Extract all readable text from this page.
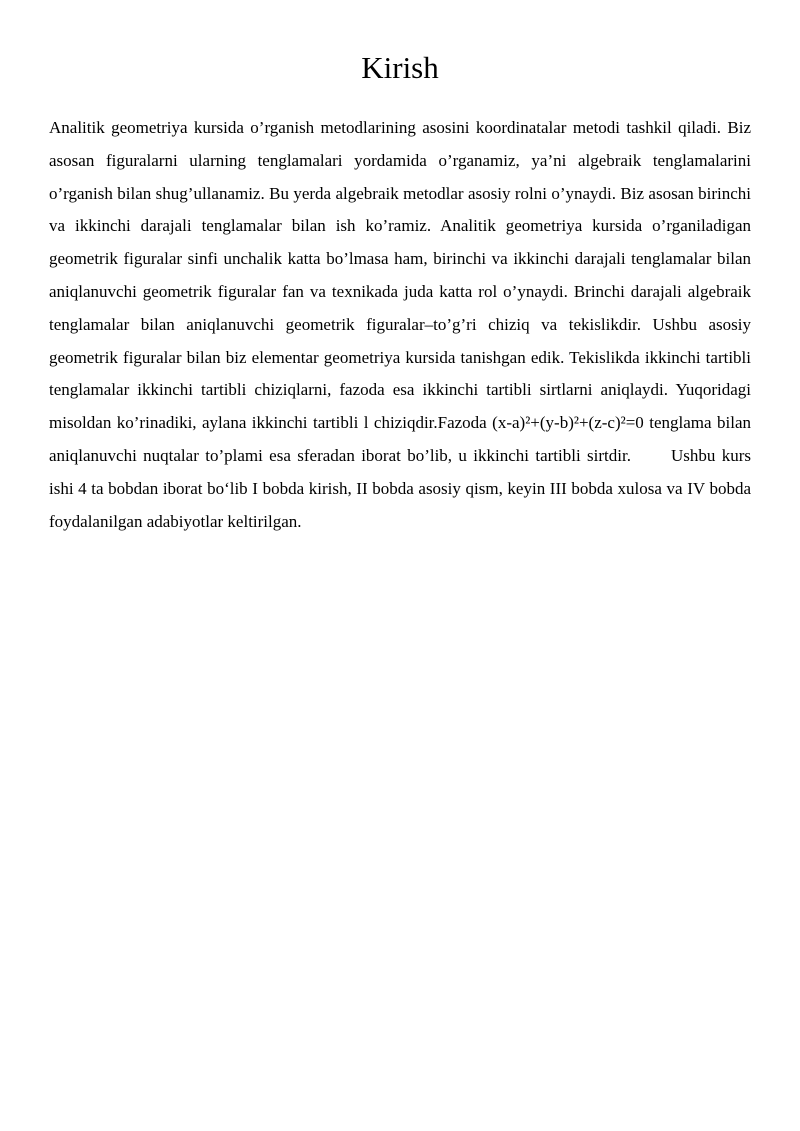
Kirish

Analitik geometriya kursida o’rganish metodlarining asosini koordinatalar metodi tashkil qiladi. Biz asosan figuralarni ularning tenglamalari yordamida o’rganamiz, ya’ni algebraik tenglamalarini o’rganish bilan shug’ullanamiz. Bu yerda algebraik metodlar asosiy rolni o’ynaydi. Biz asosan birinchi va ikkinchi darajali tenglamalar bilan ish ko’ramiz. Analitik geometriya kursida o’rganiladigan geometrik figuralar sinfi unchalik katta bo’lmasa ham, birinchi va ikkinchi darajali tenglamalar bilan aniqlanuvchi geometrik figuralar fan va texnikada juda katta rol o’ynaydi. Brinchi darajali algebraik tenglamalar bilan aniqlanuvchi geometrik figuralar–to’g’ri chiziq va tekislikdir. Ushbu asosiy geometrik figuralar bilan biz elementar geometriya kursida tanishgan edik. Tekislikda ikkinchi tartibli tenglamalar ikkinchi tartibli chiziqlarni, fazoda esa ikkinchi tartibli sirtlarni aniqlaydi. Yuqoridagi misoldan ko’rinadiki, aylana ikkinchi tartibli l chiziqdir.Fazoda (x-a)²+(y-b)²+(z-c)²=0 tenglama bilan aniqlanuvchi nuqtalar to’plami esa sferadan iborat bo’lib, u ikkinchi tartibli sirtdir. Ushbu kurs ishi 4 ta bobdan iborat bo‘lib I bobda kirish, II bobda asosiy qism, keyin III bobda xulosa va IV bobda foydalanilgan adabiyotlar keltirilgan.
